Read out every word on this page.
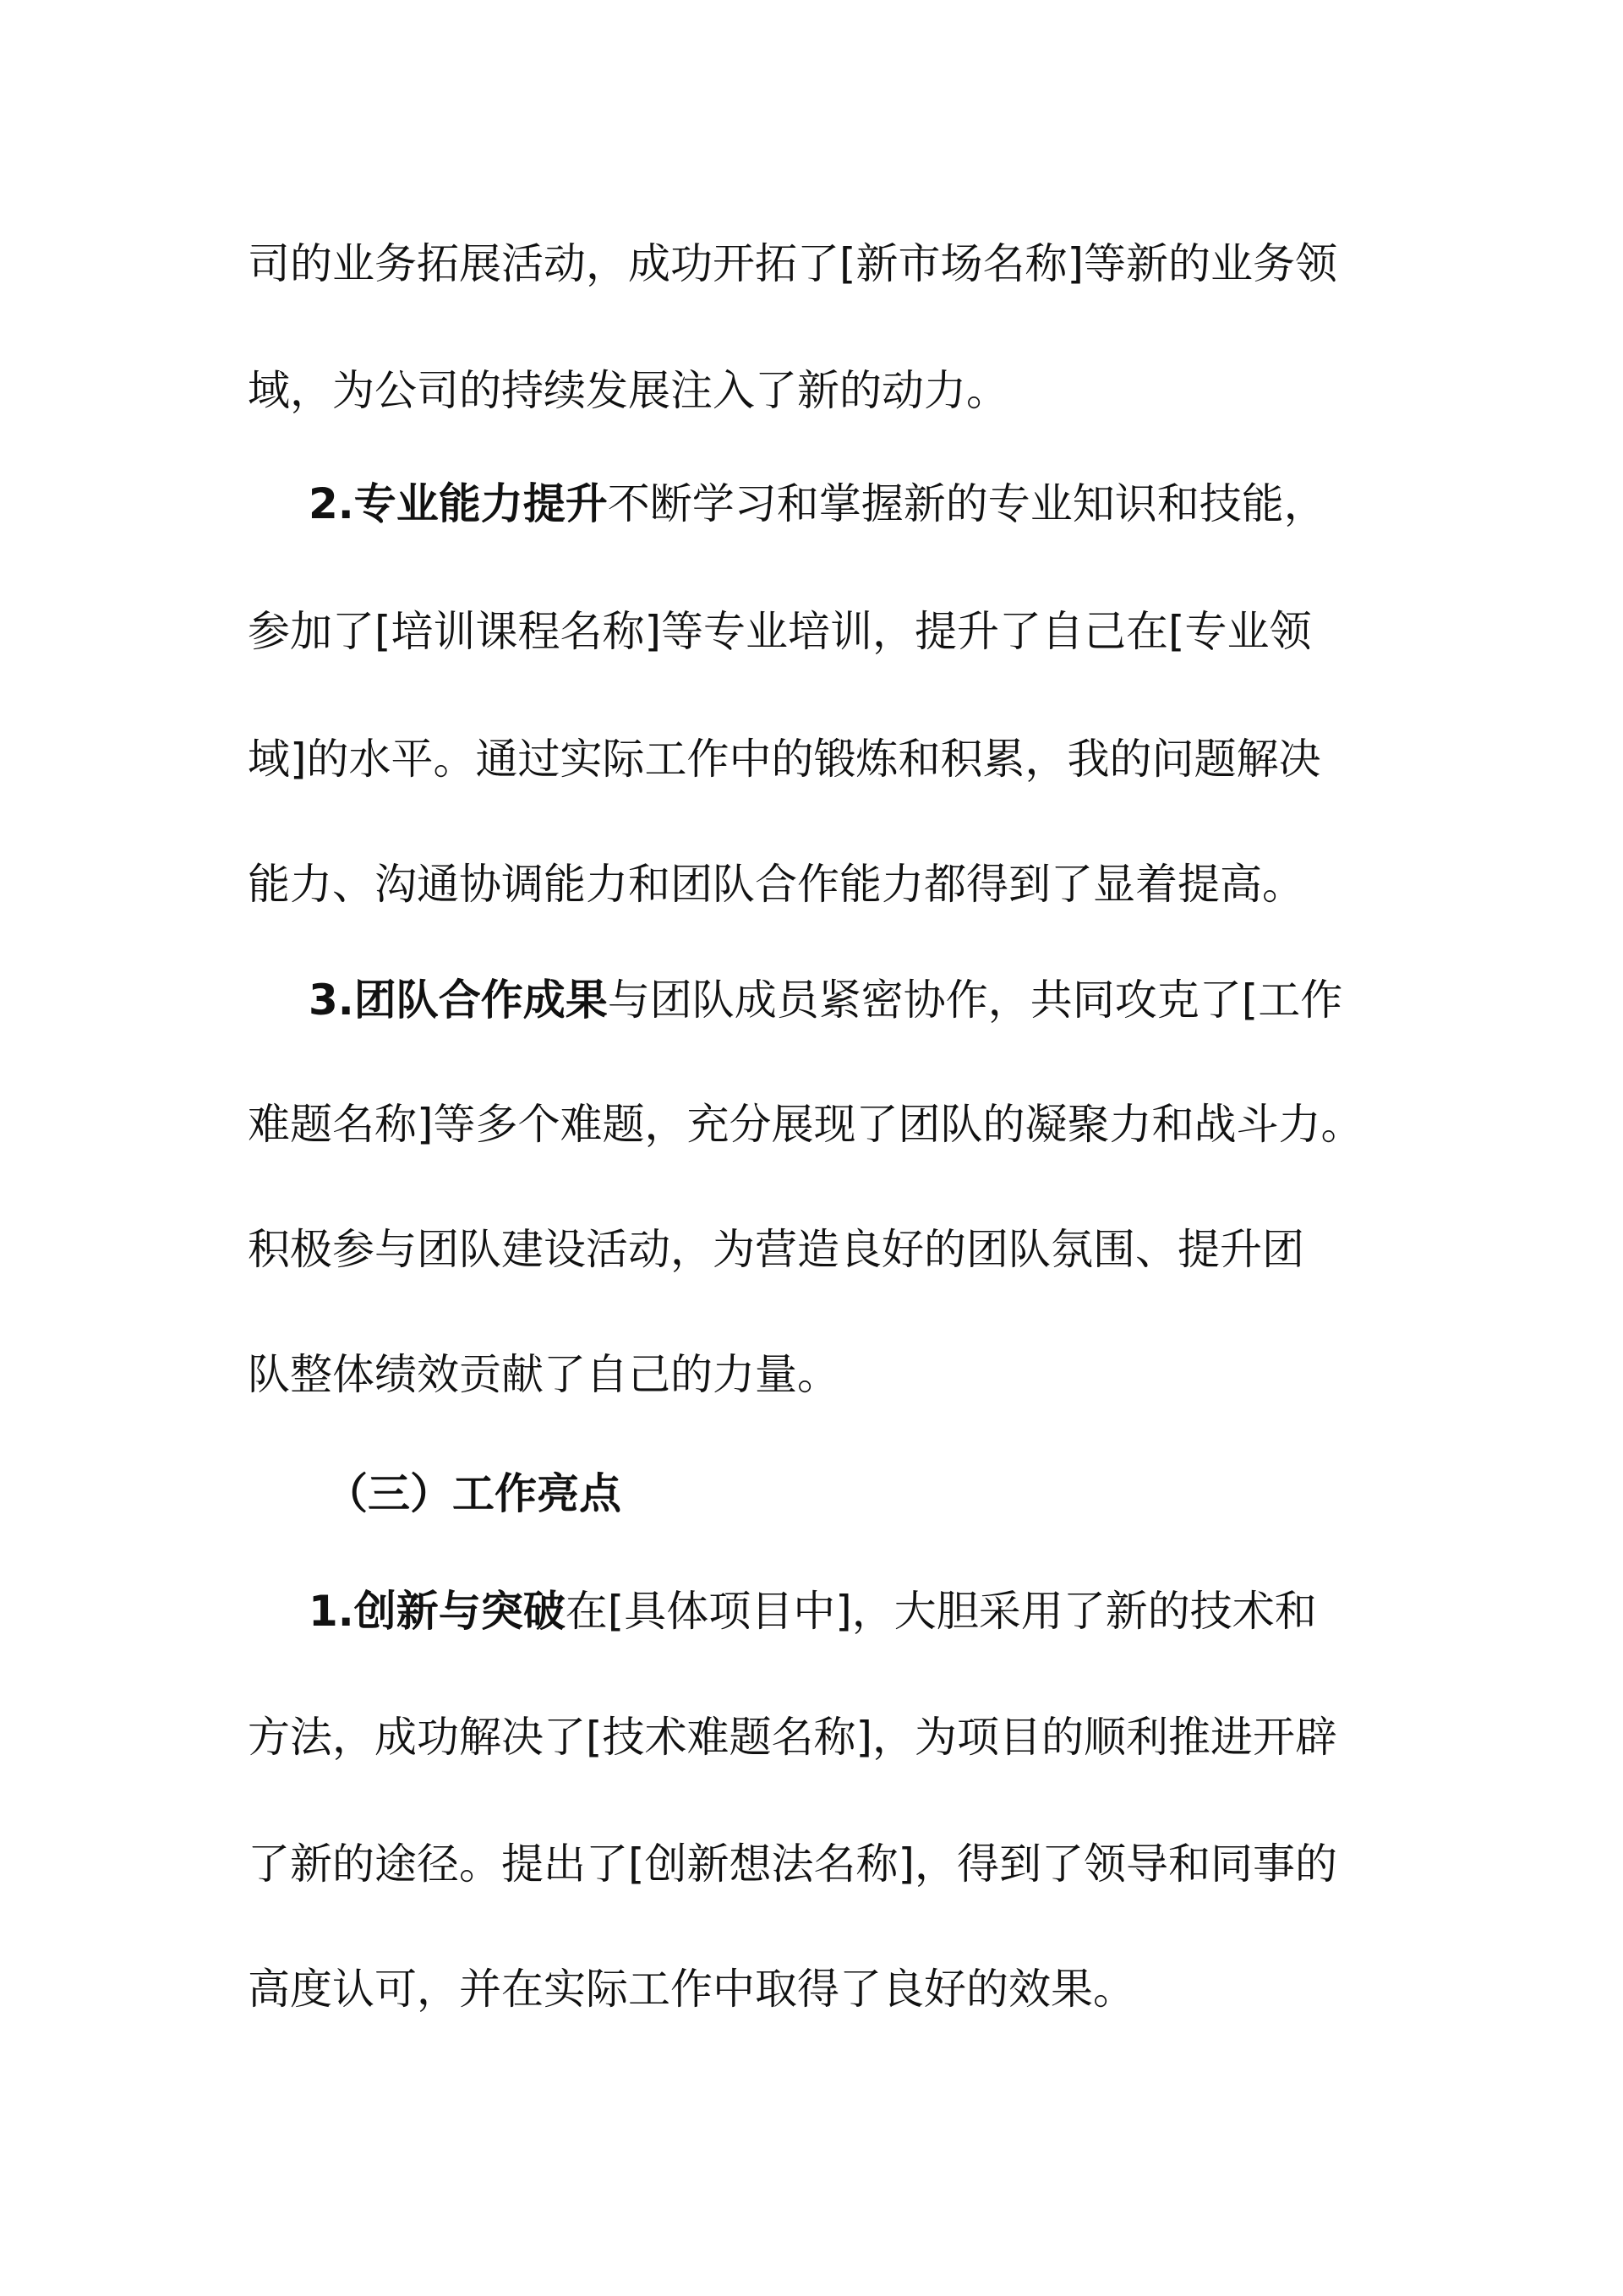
司的业务拓展活动，成功开拓了[新市场名称]等新的业务领
域，为公司的持续发展注入了新的动力。
2.专业能力提升不断学习和掌握新的专业知识和技能，
参加了[培训课程名称]等专业培训，提升了自己在[专业领
域]的水平。通过实际工作中的锻炼和积累，我的问题解决
能力、沟通协调能力和团队合作能力都得到了显着提高。
3.团队合作成果与团队成员紧密协作，共同攻克了[工作
难题名称]等多个难题，充分展现了团队的凝聚力和战斗力。
积极参与团队建设活动，为营造良好的团队氛围、提升团
队整体绩效贡献了自己的力量。
（三）工作亮点
1.创新与突破在[具体项目中]，大胆采用了新的技术和
方法，成功解决了[技术难题名称]，为项目的顺利推进开辟
了新的途径。提出了[创新想法名称]，得到了领导和同事的
高度认可，并在实际工作中取得了良好的效果。
